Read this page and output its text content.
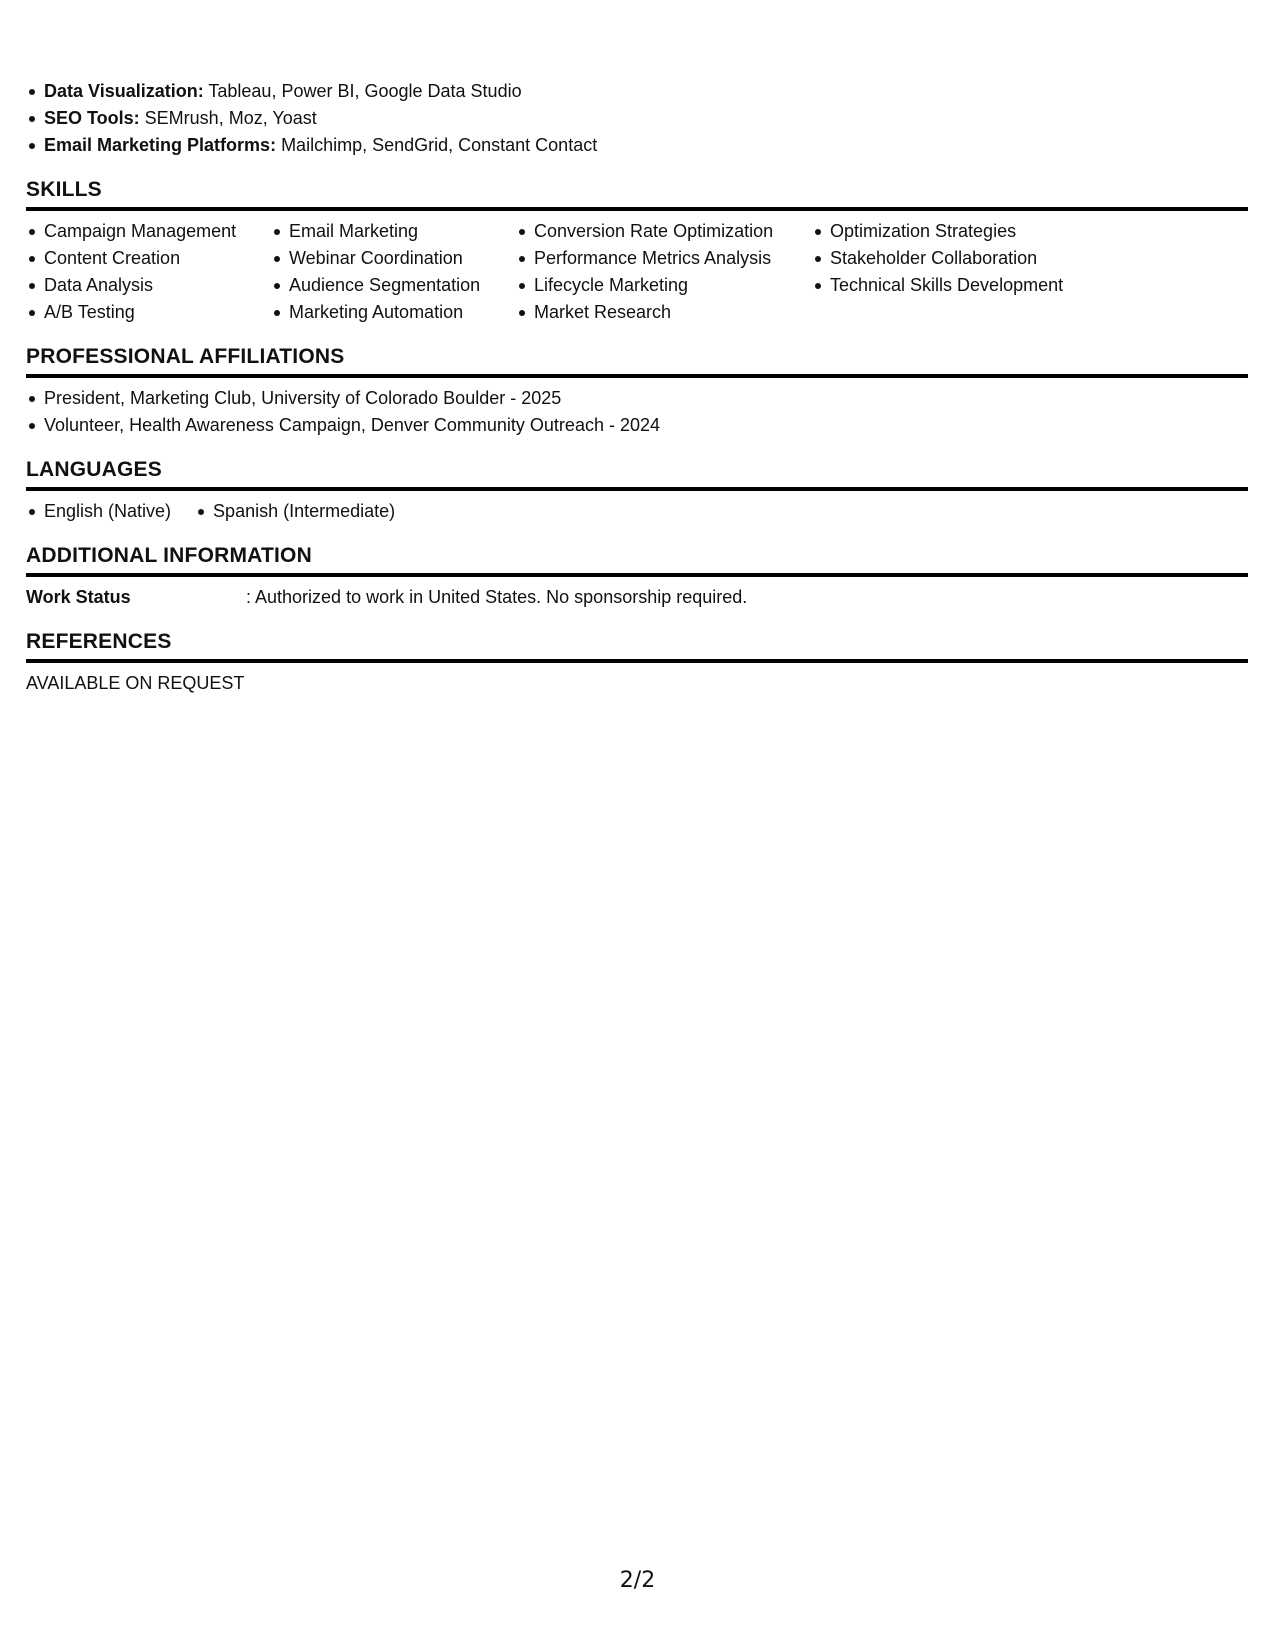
Data Visualization: Tableau, Power BI, Google Data Studio
SEO Tools: SEMrush, Moz, Yoast
Email Marketing Platforms: Mailchimp, SendGrid, Constant Contact
SKILLS
Campaign Management
Content Creation
Data Analysis
A/B Testing
Email Marketing
Webinar Coordination
Audience Segmentation
Marketing Automation
Conversion Rate Optimization
Performance Metrics Analysis
Lifecycle Marketing
Market Research
Optimization Strategies
Stakeholder Collaboration
Technical Skills Development
PROFESSIONAL AFFILIATIONS
President, Marketing Club, University of Colorado Boulder - 2025
Volunteer, Health Awareness Campaign, Denver Community Outreach - 2024
LANGUAGES
English (Native)	Spanish (Intermediate)
ADDITIONAL INFORMATION
Work Status	: Authorized to work in United States. No sponsorship required.
REFERENCES
AVAILABLE ON REQUEST
2/2
